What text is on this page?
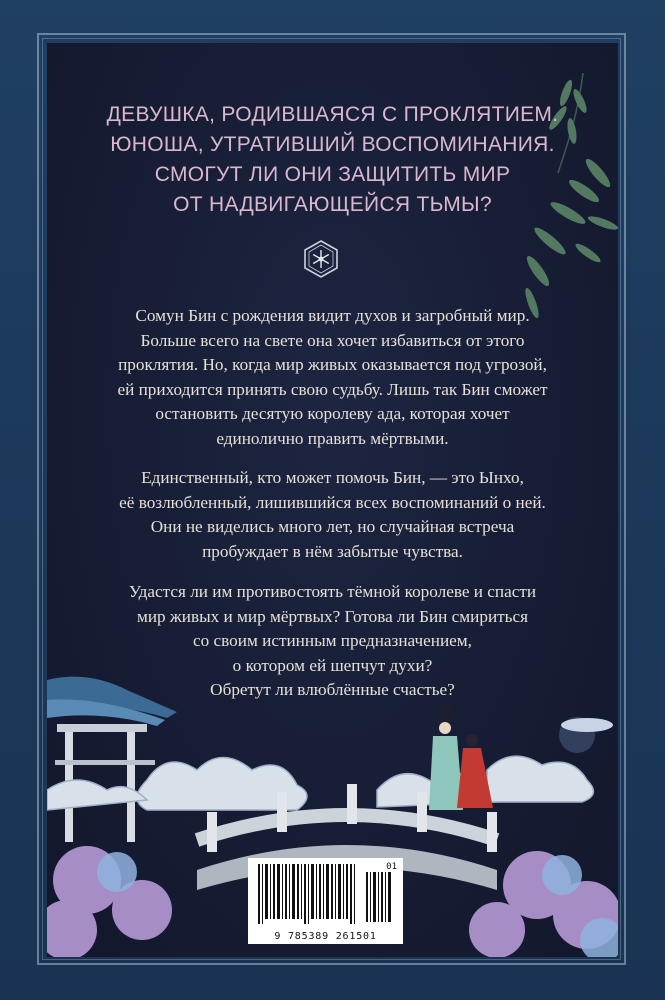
ДЕВУШКА, РОДИВШАЯСЯ С ПРОКЛЯТИЕМ.
ЮНОША, УТРАТИВШИЙ ВОСПОМИНАНИЯ.
СМОГУТ ЛИ ОНИ ЗАЩИТИТЬ МИР
ОТ НАДВИГАЮЩЕЙСЯ ТЬМЫ?
Сомун Бин с рождения видит духов и загробный мир.
Больше всего на свете она хочет избавиться от этого
проклятия. Но, когда мир живых оказывается под угрозой,
ей приходится принять свою судьбу. Лишь так Бин сможет
остановить десятую королеву ада, которая хочет
единолично править мёртвыми.
Единственный, кто может помочь Бин, — это Ынхо,
её возлюбленный, лишившийся всех воспоминаний о ней.
Они не виделись много лет, но случайная встреча
пробуждает в нём забытые чувства.
Удастся ли им противостоять тёмной королеве и спасти
мир живых и мир мёртвых? Готова ли Бин смириться
со своим истинным предназначением,
о котором ей шепчут духи?
Обретут ли влюблённые счастье?
01
9 785389 261501
